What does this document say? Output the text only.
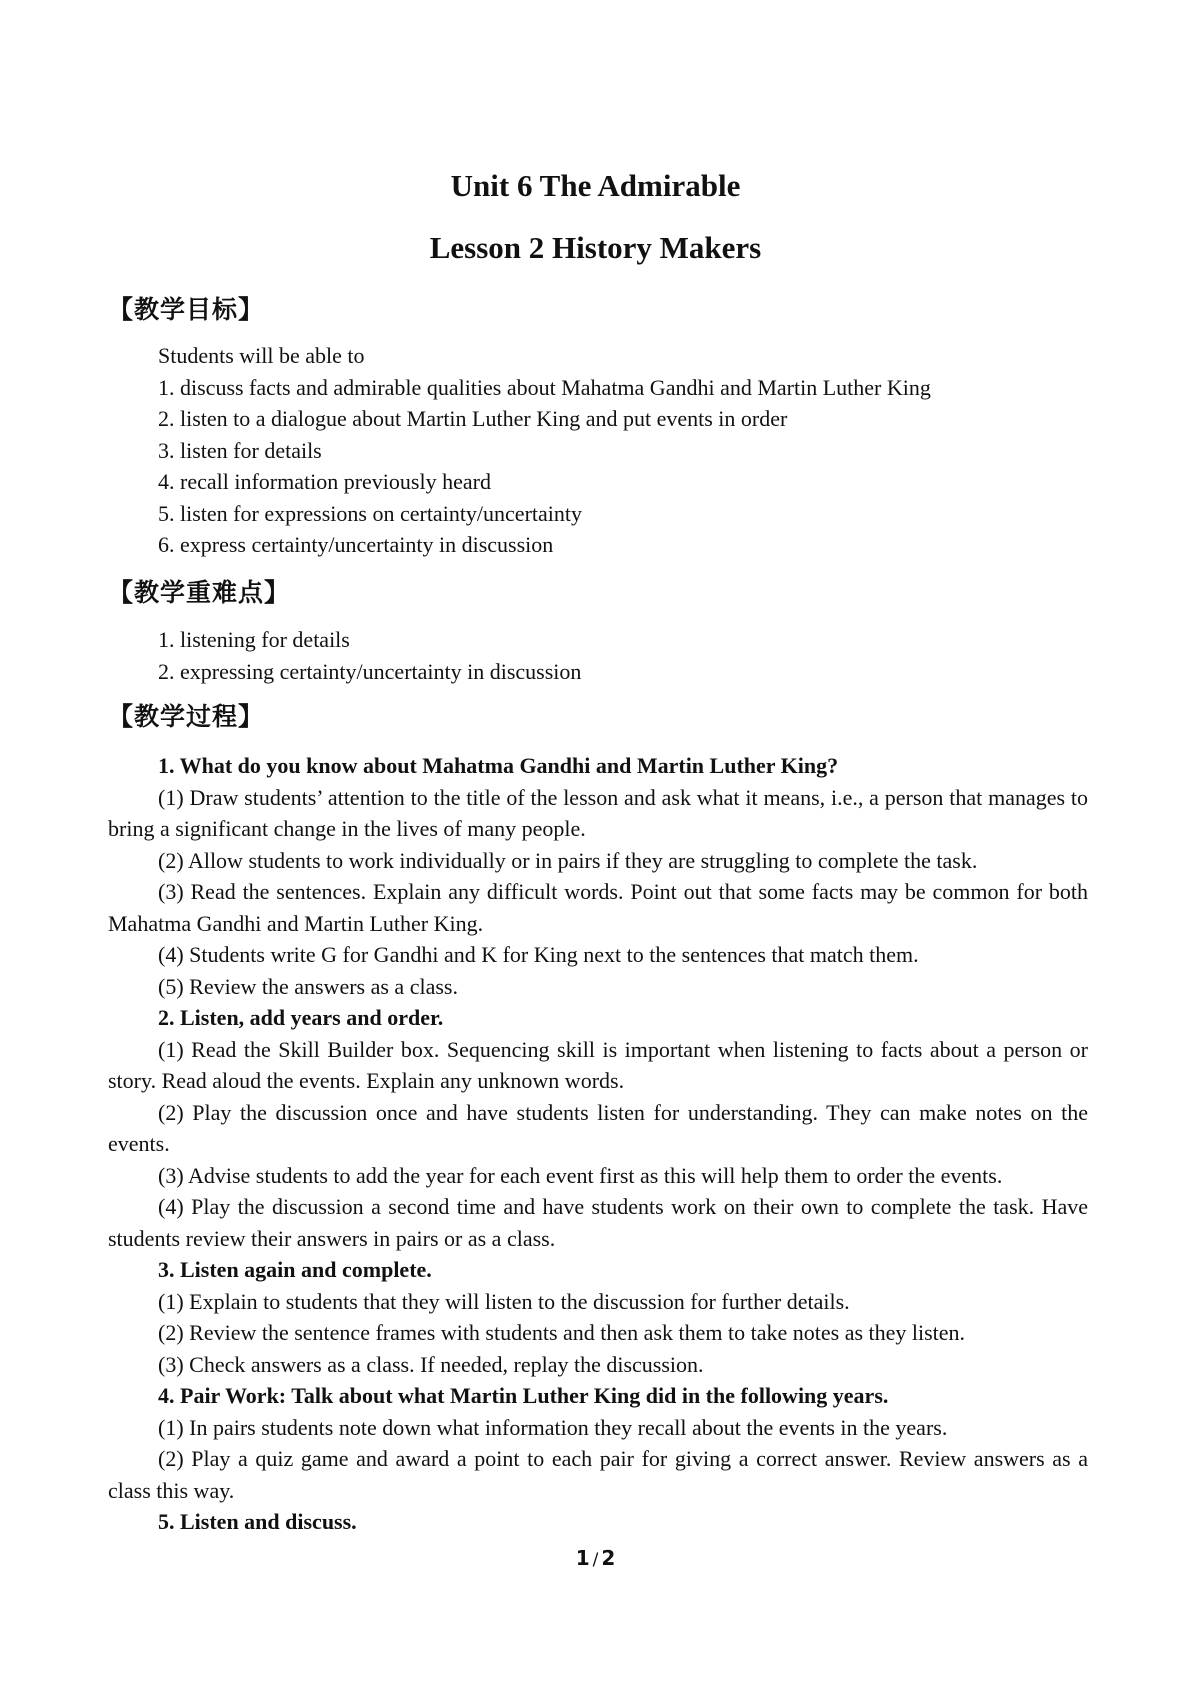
Unit 6 The Admirable
Lesson 2 History Makers
【教学目标】
Students will be able to
1. discuss facts and admirable qualities about Mahatma Gandhi and Martin Luther King
2. listen to a dialogue about Martin Luther King and put events in order
3. listen for details
4. recall information previously heard
5. listen for expressions on certainty/uncertainty
6. express certainty/uncertainty in discussion
【教学重难点】
1. listening for details
2. expressing certainty/uncertainty in discussion
【教学过程】
1. What do you know about Mahatma Gandhi and Martin Luther King?
(1) Draw students’ attention to the title of the lesson and ask what it means, i.e., a person that manages to bring a significant change in the lives of many people.
(2) Allow students to work individually or in pairs if they are struggling to complete the task.
(3) Read the sentences. Explain any difficult words. Point out that some facts may be common for both Mahatma Gandhi and Martin Luther King.
(4) Students write G for Gandhi and K for King next to the sentences that match them.
(5) Review the answers as a class.
2. Listen, add years and order.
(1) Read the Skill Builder box. Sequencing skill is important when listening to facts about a person or story. Read aloud the events. Explain any unknown words.
(2) Play the discussion once and have students listen for understanding. They can make notes on the events.
(3) Advise students to add the year for each event first as this will help them to order the events.
(4) Play the discussion a second time and have students work on their own to complete the task. Have students review their answers in pairs or as a class.
3. Listen again and complete.
(1) Explain to students that they will listen to the discussion for further details.
(2) Review the sentence frames with students and then ask them to take notes as they listen.
(3) Check answers as a class. If needed, replay the discussion.
4. Pair Work: Talk about what Martin Luther King did in the following years.
(1) In pairs students note down what information they recall about the events in the years.
(2) Play a quiz game and award a point to each pair for giving a correct answer. Review answers as a class this way.
5. Listen and discuss.
1 / 2
